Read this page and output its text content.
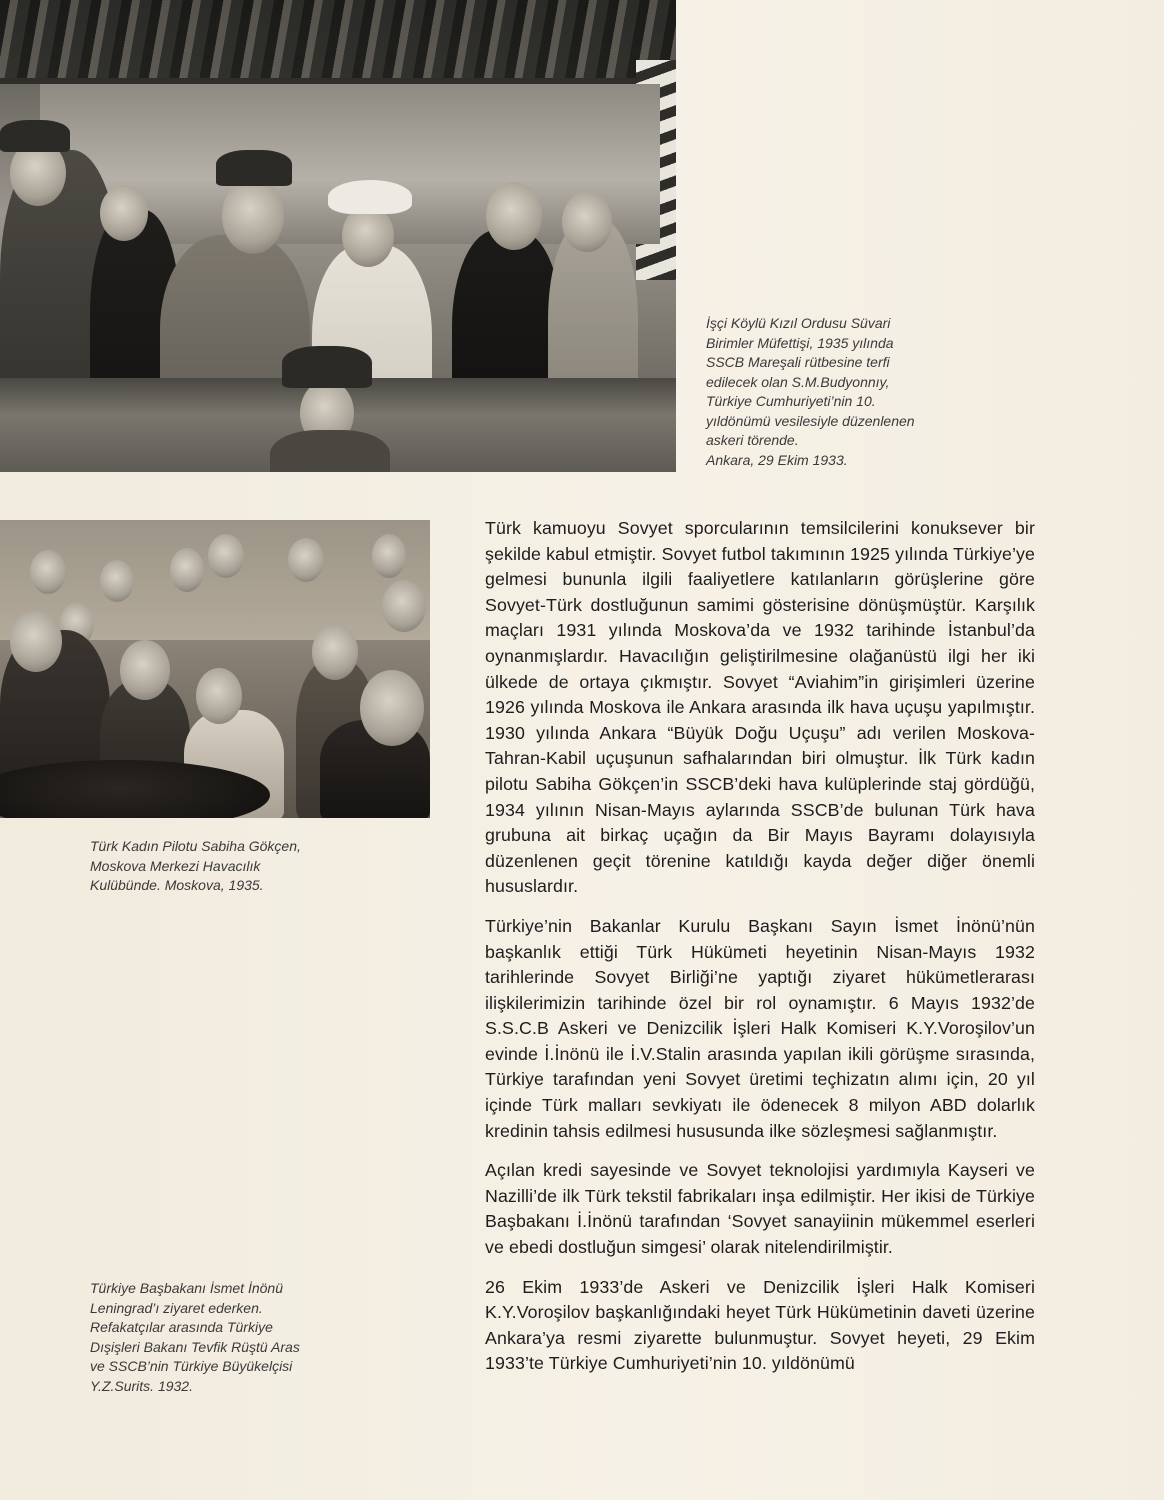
İşçi Köylü Kızıl Ordusu Süvari
Birimler Müfettişi, 1935 yılında
SSCB Mareşali rütbesine terfi
edilecek olan S.M.Budyonnıy,
Türkiye Cumhuriyeti’nin 10.
yıldönümü vesilesiyle düzenlenen
askeri törende.
Ankara, 29 Ekim 1933.

Türk Kadın Pilotu Sabiha Gökçen,
Moskova Merkezi Havacılık
Kulübünde. Moskova, 1935.

Türkiye Başbakanı İsmet İnönü
Leningrad’ı ziyaret ederken.
Refakatçılar arasında Türkiye
Dışişleri Bakanı Tevfik Rüştü Aras
ve SSCB’nin Türkiye Büyükelçisi
Y.Z.Surits. 1932.

Türk kamuoyu Sovyet sporcularının temsilcilerini konuksever bir şekilde kabul etmiştir. Sovyet futbol takımının 1925 yılında Türkiye’ye gelmesi bununla ilgili faaliyetlere katılanların görüşlerine göre Sovyet-Türk dostluğunun samimi gösterisine dönüşmüştür. Karşılık maçları 1931 yılında Moskova’da ve 1932 tarihinde İstanbul’da oynanmışlardır. Havacılığın geliştirilmesine olağanüstü ilgi her iki ülkede de ortaya çıkmıştır. Sovyet “Aviahim”in girişimleri üzerine 1926 yılında Moskova ile Ankara arasında ilk hava uçuşu yapılmıştır. 1930 yılında Ankara “Büyük Doğu Uçuşu” adı verilen Moskova-Tahran-Kabil uçuşunun safhalarından biri olmuştur. İlk Türk kadın pilotu Sabiha Gökçen’in SSCB’deki hava kulüplerinde staj gördüğü, 1934 yılının Nisan-Mayıs aylarında SSCB’de bulunan Türk hava grubuna ait birkaç uçağın da Bir Mayıs Bayramı dolayısıyla düzenlenen geçit törenine katıldığı kayda değer diğer önemli hususlardır.

Türkiye’nin Bakanlar Kurulu Başkanı Sayın İsmet İnönü’nün başkanlık ettiği Türk Hükümeti heyetinin Nisan-Mayıs 1932 tarihlerinde Sovyet Birliği’ne yaptığı ziyaret hükümetlerarası ilişkilerimizin tarihinde özel bir rol oynamıştır. 6 Mayıs 1932’de S.S.C.B Askeri ve Denizcilik İşleri Halk Komiseri K.Y.Voroşilov’un evinde İ.İnönü ile İ.V.Stalin arasında yapılan ikili görüşme sırasında, Türkiye tarafından yeni Sovyet üretimi teçhizatın alımı için, 20 yıl içinde Türk malları sevkiyatı ile ödenecek 8 milyon ABD dolarlık kredinin tahsis edilmesi hususunda ilke sözleşmesi sağlanmıştır.

Açılan kredi sayesinde ve Sovyet teknolojisi yardımıyla Kayseri ve Nazilli’de ilk Türk tekstil fabrikaları inşa edilmiştir. Her ikisi de Türkiye Başbakanı İ.İnönü tarafından ‘Sovyet sanayiinin mükemmel eserleri ve ebedi dostluğun simgesi’ olarak nitelendirilmiştir.

26 Ekim 1933’de Askeri ve Denizcilik İşleri Halk Komiseri K.Y.Voroşilov başkanlığındaki heyet Türk Hükümetinin daveti üzerine Ankara’ya resmi ziyarette bulunmuştur. Sovyet heyeti, 29 Ekim 1933’te Türkiye Cumhuriyeti’nin 10. yıldönümü
